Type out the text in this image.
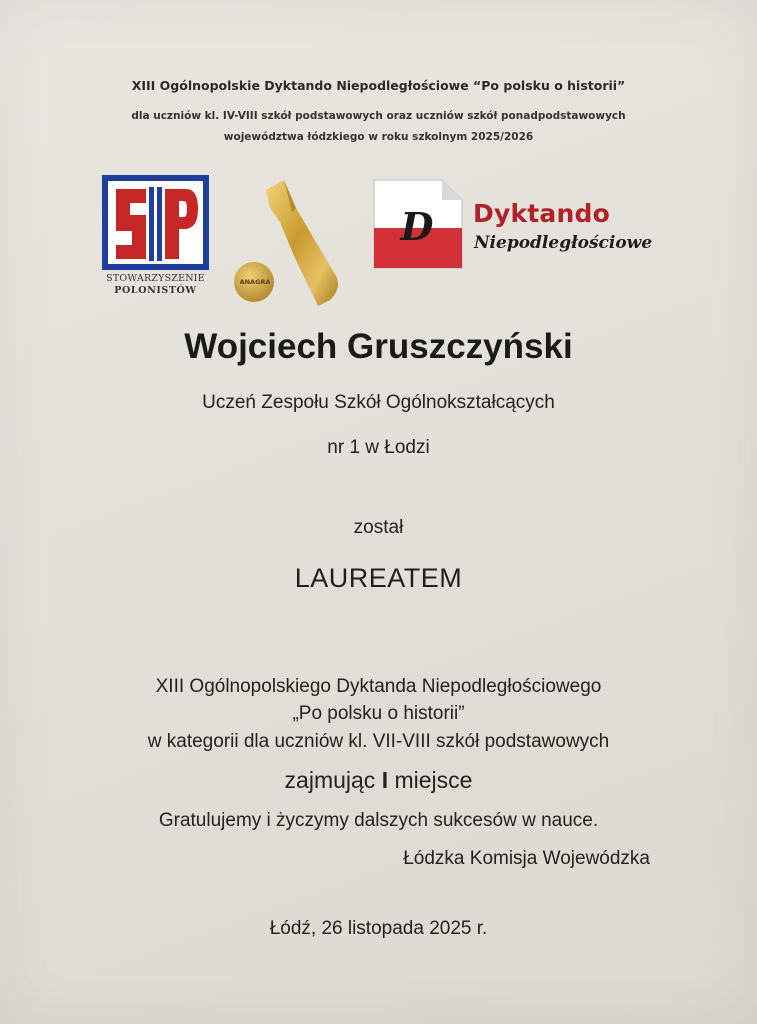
XIII Ogólnopolskie Dyktando Niepodległościowe “Po polsku o historii”
dla uczniów kl. IV-VIII szkół podstawowych oraz uczniów szkół ponadpodstawowych
województwa łódzkiego w roku szkolnym 2025/2026
STOWARZYSZENIE
POLONISTÓW
ANAGRA
D	Dyktando
Niepodległościowe
Wojciech Gruszczyński
Uczeń Zespołu Szkół Ogólnokształcących
nr 1 w Łodzi
został
LAUREATEM
XIII Ogólnopolskiego Dyktanda Niepodległościowego
„Po polsku o historii”
w kategorii dla uczniów kl. VII-VIII szkół podstawowych
zajmując I miejsce
Gratulujemy i życzymy dalszych sukcesów w nauce.
Łódzka Komisja Wojewódzka
Łódź, 26 listopada 2025 r.
